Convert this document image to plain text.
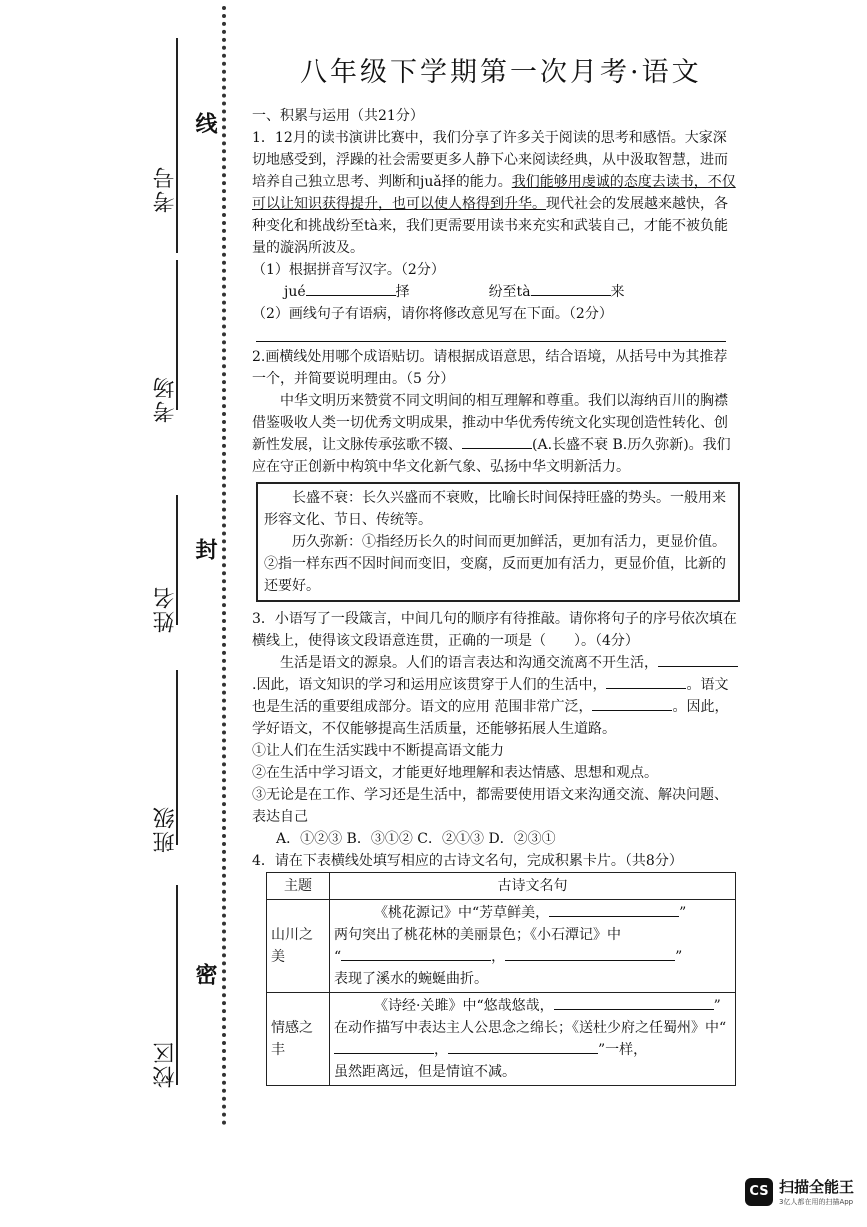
考号
考场
姓名
班级
校区
线
封
密
八年级下学期第一次月考·语文

一、积累与运用（共21分）

1．12月的读书演讲比赛中，我们分享了许多关于阅读的思考和感悟。大家深切地感受到，浮躁的社会需要更多人静下心来阅读经典，从中汲取智慧，进而培养自己独立思考、判断和juǎ择的能力。我们能够用虔诚的态度去读书，不仅可以让知识获得提升，也可以使人格得到升华。现代社会的发展越来越快，各种变化和挑战纷至tà来，我们更需要用读书来充实和武装自己，才能不被负能量的漩涡所波及。

（1）根据拼音写汉字。（2分）

jué	择	纷至tà	来

（2）画线句子有语病，请你将修改意见写在下面。（2分）

2.画横线处用哪个成语贴切。请根据成语意思，结合语境，从括号中为其推荐一个，并简要说明理由。（5 分）

中华文明历来赞赏不同文明间的相互理解和尊重。我们以海纳百川的胸襟借鉴吸收人类一切优秀文明成果，推动中华优秀传统文化实现创造性转化、创新性发展，让文脉传承弦歌不辍、	(A.长盛不衰 B.历久弥新)。我们应在守正创新中构筑中华文化新气象、弘扬中华文明新活力。

长盛不衰：长久兴盛而不衰败，比喻长时间保持旺盛的势头。一般用来形容文化、节日、传统等。

历久弥新：①指经历长久的时间而更加鲜活，更加有活力，更显价值。②指一样东西不因时间而变旧，变腐，反而更加有活力，更显价值，比新的还要好。

3．小语写了一段箴言，中间几句的顺序有待推敲。请你将句子的序号依次填在横线上，使得该文段语意连贯，正确的一项是（　　）。（4分）

生活是语文的源泉。人们的语言表达和沟通交流离不开生活，.因此，语文知识的学习和运用应该贯穿于人们的生活中，	。语文也是生活的重要组成部分。语文的应用 范围非常广泛，	。因此，学好语文，不仅能够提高生活质量，还能够拓展人生道路。

①让人们在生活实践中不断提高语文能力

②在生活中学习语文，才能更好地理解和表达情感、思想和观点。

③无论是在工作、学习还是生活中，都需要使用语文来沟通交流、解决问题、表达自己

A．①②③ B．③①② C．②①③ D．②③①

4．请在下表横线处填写相应的古诗文名句，完成积累卡片。（共8分）

主题	古诗文名句
山川之美	《桃花源记》中“芳草鲜美， ”
两句突出了桃花林的美丽景色；《小石潭记》中
“ ， ”
表现了溪水的蜿蜒曲折。

情感之丰	《诗经·关雎》中“悠哉悠哉， ”
在动作描写中表达主人公思念之绵长；《送杜少府之任蜀州》中“， ”一样，
虽然距离远，但是情谊不减。
CS 扫描全能王
3亿人都在用的扫描App
